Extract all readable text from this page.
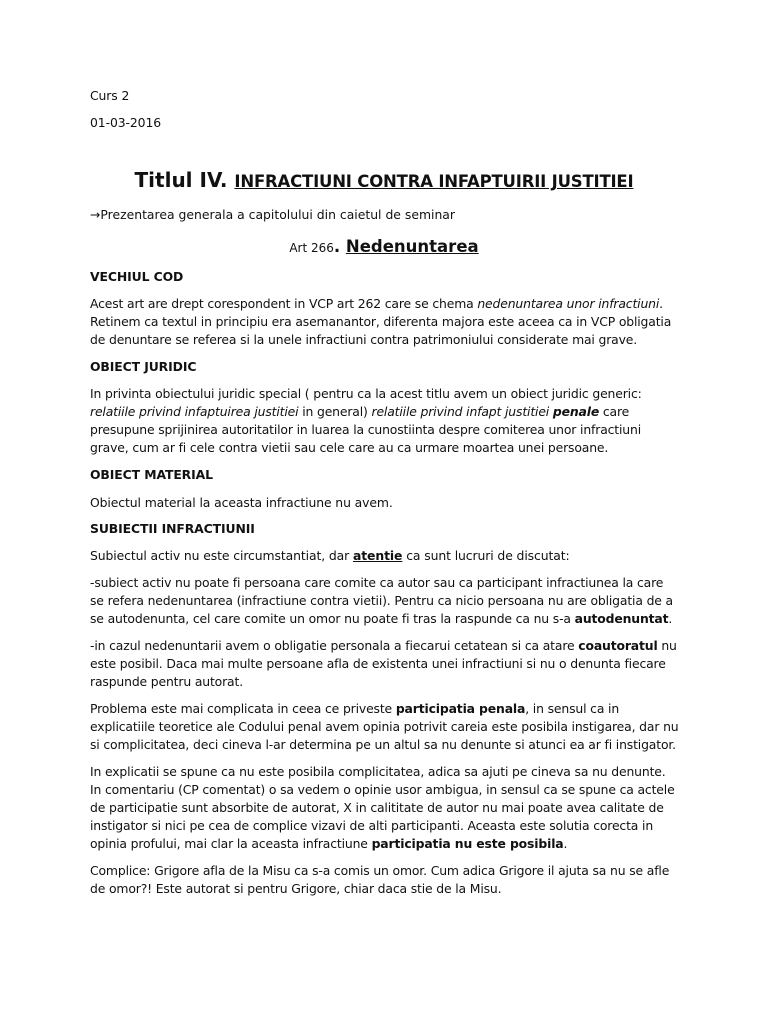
Curs 2
01-03-2016
Titlul IV. INFRACTIUNI CONTRA INFAPTUIRII JUSTITIEI
→Prezentarea generala a capitolului din caietul de seminar
Art 266. Nedenuntarea
VECHIUL COD
Acest art are drept corespondent in VCP art 262 care se chema nedenuntarea unor infractiuni. Retinem ca textul in principiu era asemanantor, diferenta majora este aceea ca in VCP obligatia de denuntare se referea si la unele infractiuni contra patrimoniului considerate mai grave.
OBIECT JURIDIC
In privinta obiectului juridic special ( pentru ca la acest titlu avem un obiect juridic generic: relatiile privind infaptuirea justitiei in general) relatiile privind infapt justitiei penale care presupune sprijinirea autoritatilor in luarea la cunostiinta despre comiterea unor infractiuni grave, cum ar fi cele contra vietii sau cele care au ca urmare moartea unei persoane.
OBIECT MATERIAL
Obiectul material la aceasta infractiune nu avem.
SUBIECTII INFRACTIUNII
Subiectul activ nu este circumstantiat, dar atentie ca sunt lucruri de discutat:
-subiect activ nu poate fi persoana care comite ca autor sau ca participant infractiunea la care se refera nedenuntarea (infractiune contra vietii). Pentru ca nicio persoana nu are obligatia de a se autodenunta, cel care comite un omor nu poate fi tras la raspunde ca nu s-a autodenuntat.
-in cazul nedenuntarii avem o obligatie personala a fiecarui cetatean si ca atare coautoratul nu este posibil. Daca mai multe persoane afla de existenta unei infractiuni si nu o denunta fiecare raspunde pentru autorat.
Problema este mai complicata in ceea ce priveste participatia penala, in sensul ca in explicatiile teoretice ale Codului penal avem opinia potrivit careia este posibila instigarea, dar nu si complicitatea, deci cineva l-ar determina pe un altul sa nu denunte si atunci ea ar fi instigator.
In explicatii se spune ca nu este posibila complicitatea, adica sa ajuti pe cineva sa nu denunte. In comentariu (CP comentat) o sa vedem o opinie usor ambigua, in sensul ca se spune ca actele de participatie sunt absorbite de autorat, X in calititate de autor nu mai poate avea calitate de instigator si nici pe cea de complice vizavi de alti participanti. Aceasta este solutia corecta in opinia profului, mai clar la aceasta infractiune participatia nu este posibila.
Complice: Grigore afla de la Misu ca s-a comis un omor. Cum adica Grigore il ajuta sa nu se afle de omor?! Este autorat si pentru Grigore, chiar daca stie de la Misu.
